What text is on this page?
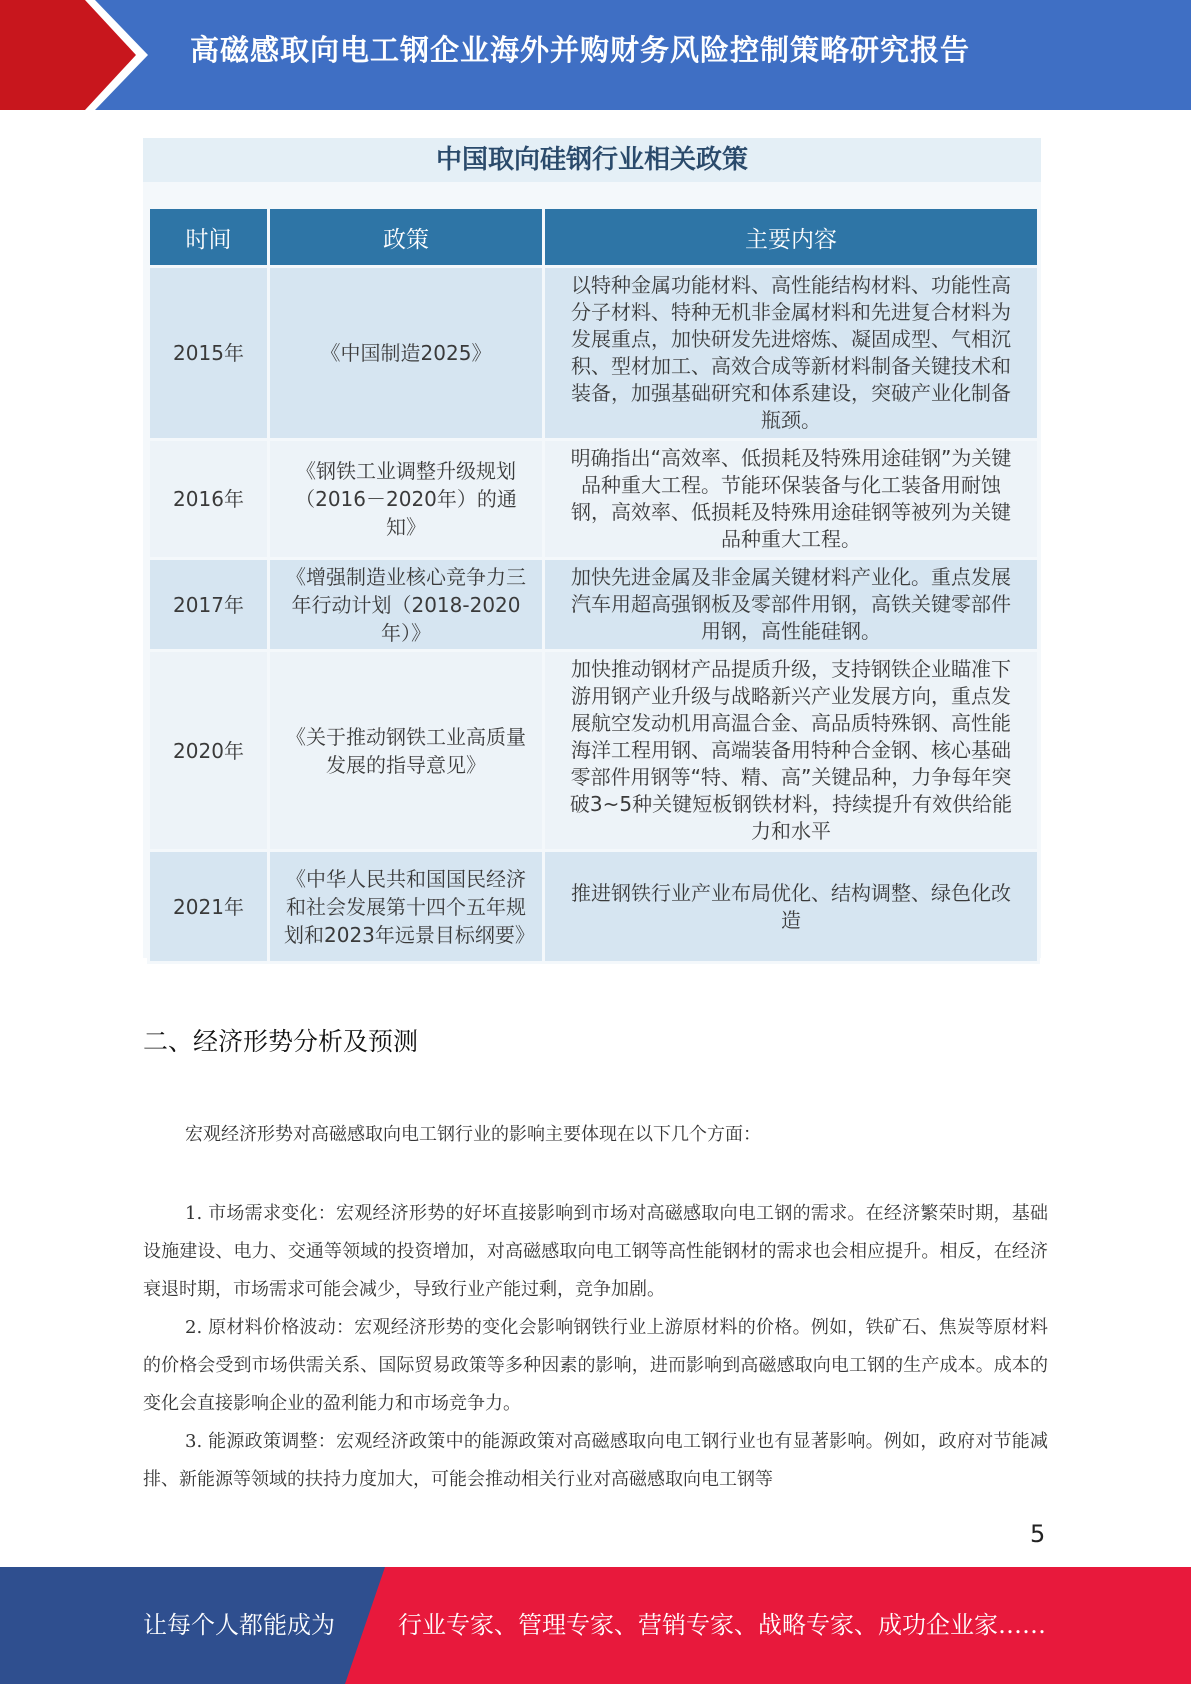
高磁感取向电工钢企业海外并购财务风险控制策略研究报告
中国取向硅钢行业相关政策
时间	政策	主要内容
2015年	《中国制造2025》	以特种金属功能材料、高性能结构材料、功能性高分子材料、特种无机非金属材料和先进复合材料为发展重点，加快研发先进熔炼、凝固成型、气相沉积、型材加工、高效合成等新材料制备关键技术和装备，加强基础研究和体系建设，突破产业化制备瓶颈。
2016年	《钢铁工业调整升级规划（2016－2020年）的通知》	明确指出“高效率、低损耗及特殊用途硅钢”为关键品种重大工程。节能环保装备与化工装备用耐蚀钢，高效率、低损耗及特殊用途硅钢等被列为关键品种重大工程。
2017年	《增强制造业核心竞争力三年行动计划（2018-2020年）》	加快先进金属及非金属关键材料产业化。重点发展汽车用超高强钢板及零部件用钢，高铁关键零部件用钢，高性能硅钢。
2020年	《关于推动钢铁工业高质量发展的指导意见》	加快推动钢材产品提质升级，支持钢铁企业瞄准下游用钢产业升级与战略新兴产业发展方向，重点发展航空发动机用高温合金、高品质特殊钢、高性能海洋工程用钢、高端装备用特种合金钢、核心基础零部件用钢等“特、精、高”关键品种，力争每年突破3~5种关键短板钢铁材料，持续提升有效供给能力和水平
2021年	《中华人民共和国国民经济和社会发展第十四个五年规划和2023年远景目标纲要》	推进钢铁行业产业布局优化、结构调整、绿色化改造
二、经济形势分析及预测
宏观经济形势对高磁感取向电工钢行业的影响主要体现在以下几个方面：

1. 市场需求变化：宏观经济形势的好坏直接影响到市场对高磁感取向电工钢的需求。在经济繁荣时期，基础设施建设、电力、交通等领域的投资增加，对高磁感取向电工钢等高性能钢材的需求也会相应提升。相反，在经济衰退时期，市场需求可能会减少，导致行业产能过剩，竞争加剧。

2. 原材料价格波动：宏观经济形势的变化会影响钢铁行业上游原材料的价格。例如，铁矿石、焦炭等原材料的价格会受到市场供需关系、国际贸易政策等多种因素的影响，进而影响到高磁感取向电工钢的生产成本。成本的变化会直接影响企业的盈利能力和市场竞争力。

3. 能源政策调整：宏观经济政策中的能源政策对高磁感取向电工钢行业也有显著影响。例如，政府对节能减排、新能源等领域的扶持力度加大，可能会推动相关行业对高磁感取向电工钢等

5
让每个人都能成为	行业专家、管理专家、营销专家、战略专家、成功企业家……
